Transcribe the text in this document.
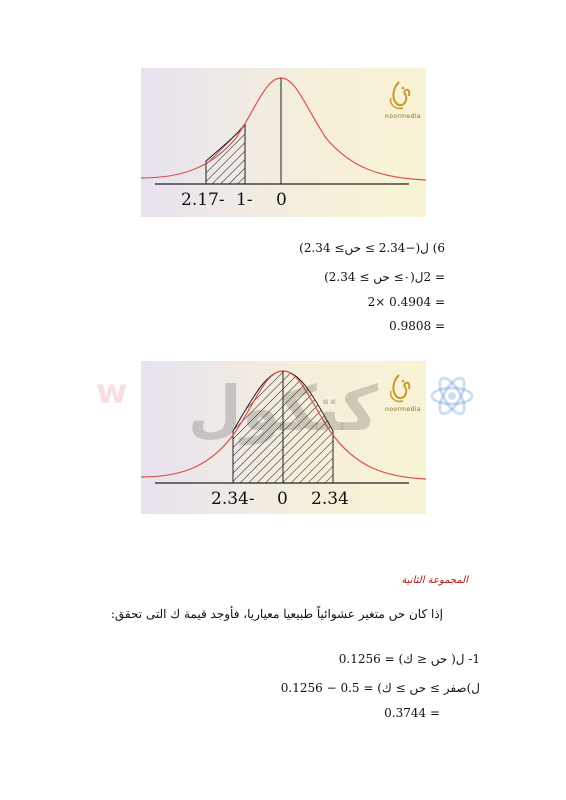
2.17- 1- 0
noormedia
6) ل(−2.34 ≥ حں≥ 2.34)
= 2ل(٠≥ حں ≥ 2.34)
= 0.4904 ×2
= 0.9808
2.34- 0 2.34
noormedia
w كتكول
المجموعة الثانية
إذا كان حں متغير عشوائياً طبيعيا معياريا، فأوجد قيمة ك التى تحقق:
1- ل( حں ≤ ك) = 0.1256
ل)صفر ≥ حں ≥ ك) = 0.5 − 0.1256
= 0.3744
